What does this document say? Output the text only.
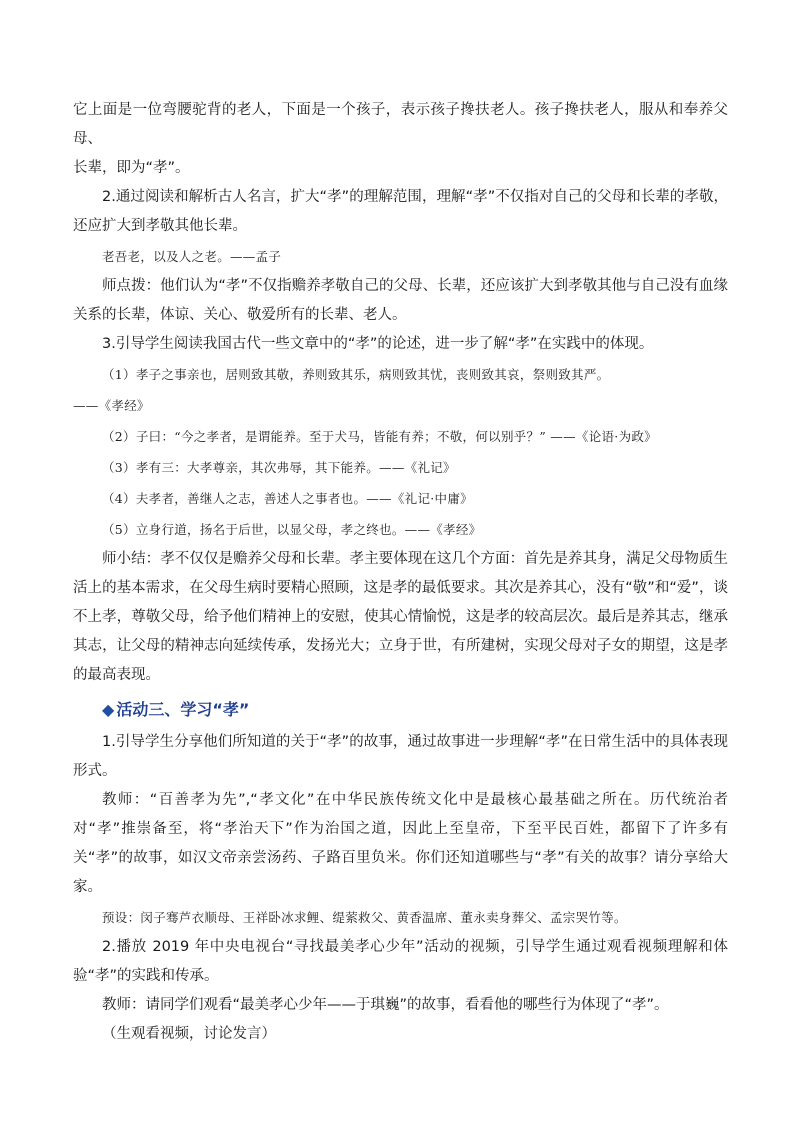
它上面是一位弯腰驼背的老人，下面是一个孩子，表示孩子搀扶老人。孩子搀扶老人，服从和奉养父母、

长辈，即为“孝”。

2.通过阅读和解析古人名言，扩大“孝”的理解范围，理解“孝”不仅指对自己的父母和长辈的孝敬，还应扩大到孝敬其他长辈。

老吾老，以及人之老。——孟子

师点拨：他们认为“孝”不仅指赡养孝敬自己的父母、长辈，还应该扩大到孝敬其他与自己没有血缘关系的长辈，体谅、关心、敬爱所有的长辈、老人。

3.引导学生阅读我国古代一些文章中的“孝”的论述，进一步了解“孝”在实践中的体现。

（1）孝子之事亲也，居则致其敬，养则致其乐，病则致其忧，丧则致其哀，祭则致其严。

——《孝经》

（2）子曰：“今之孝者，是谓能养。至于犬马，皆能有养；不敬，何以别乎？” ——《论语·为政》

（3）孝有三：大孝尊亲，其次弗辱，其下能养。——《礼记》

（4）夫孝者，善继人之志，善述人之事者也。——《礼记·中庸》

（5）立身行道，扬名于后世，以显父母，孝之终也。——《孝经》

师小结：孝不仅仅是赡养父母和长辈。孝主要体现在这几个方面：首先是养其身，满足父母物质生活上的基本需求，在父母生病时要精心照顾，这是孝的最低要求。其次是养其心，没有“敬”和“爱”，谈不上孝，尊敬父母，给予他们精神上的安慰，使其心情愉悦，这是孝的较高层次。最后是养其志，继承其志，让父母的精神志向延续传承，发扬光大；立身于世，有所建树，实现父母对子女的期望，这是孝的最高表现。

◆ 活动三、学习“孝”

1.引导学生分享他们所知道的关于“孝”的故事，通过故事进一步理解“孝”在日常生活中的具体表现形式。

教师：“百善孝为先”,“孝文化”在中华民族传统文化中是最核心最基础之所在。历代统治者对“孝”推崇备至，将“孝治天下”作为治国之道，因此上至皇帝，下至平民百姓，都留下了许多有关“孝”的故事，如汉文帝亲尝汤药、子路百里负米。你们还知道哪些与“孝”有关的故事？请分享给大家。

预设：闵子骞芦衣顺母、王祥卧冰求鲤、缇萦救父、黄香温席、董永卖身葬父、孟宗哭竹等。

2.播放 2019 年中央电视台“寻找最美孝心少年”活动的视频，引导学生通过观看视频理解和体验“孝”的实践和传承。

教师：请同学们观看“最美孝心少年——于琪巍”的故事，看看他的哪些行为体现了“孝”。

（生观看视频，讨论发言）
